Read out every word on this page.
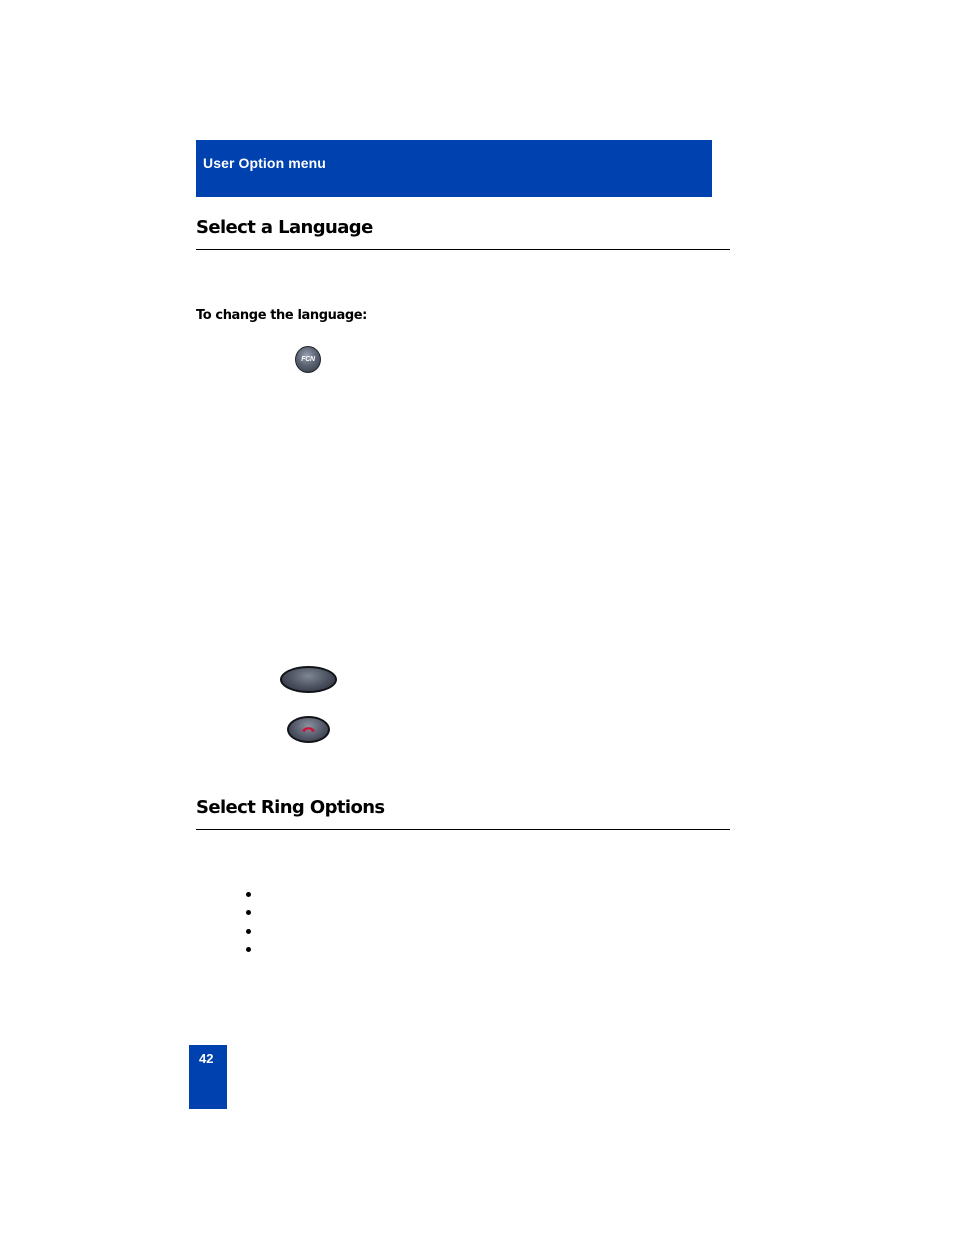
User Option menu
Select a Language
To change the language:
FCN
Select Ring Options
42
